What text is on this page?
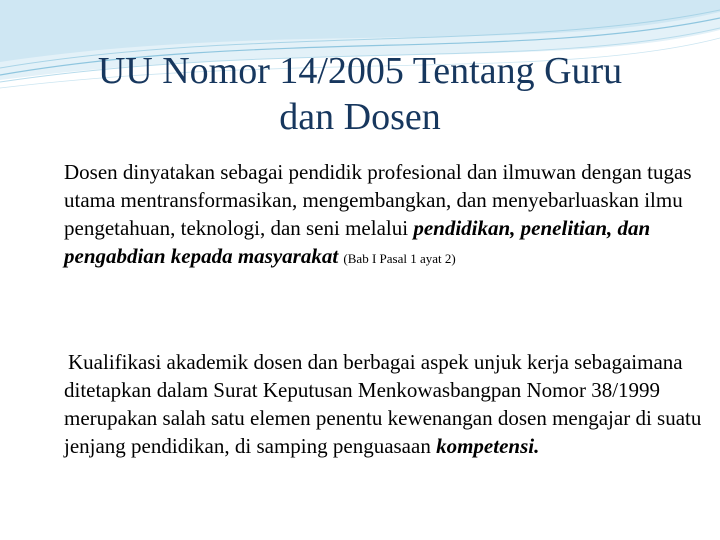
UU Nomor 14/2005 Tentang Guru
dan Dosen

Dosen dinyatakan sebagai pendidik profesional dan ilmuwan dengan tugas utama mentransformasikan, mengembangkan, dan menyebarluaskan ilmu pengetahuan, teknologi, dan seni melalui pendidikan, penelitian, dan pengabdian kepada masyarakat (Bab I Pasal 1 ayat 2)

Kualifikasi akademik dosen dan berbagai aspek unjuk kerja sebagaimana ditetapkan dalam Surat Keputusan Menkowasbangpan Nomor 38/1999 merupakan salah satu elemen penentu kewenangan dosen mengajar di suatu jenjang pendidikan, di samping penguasaan kompetensi.
